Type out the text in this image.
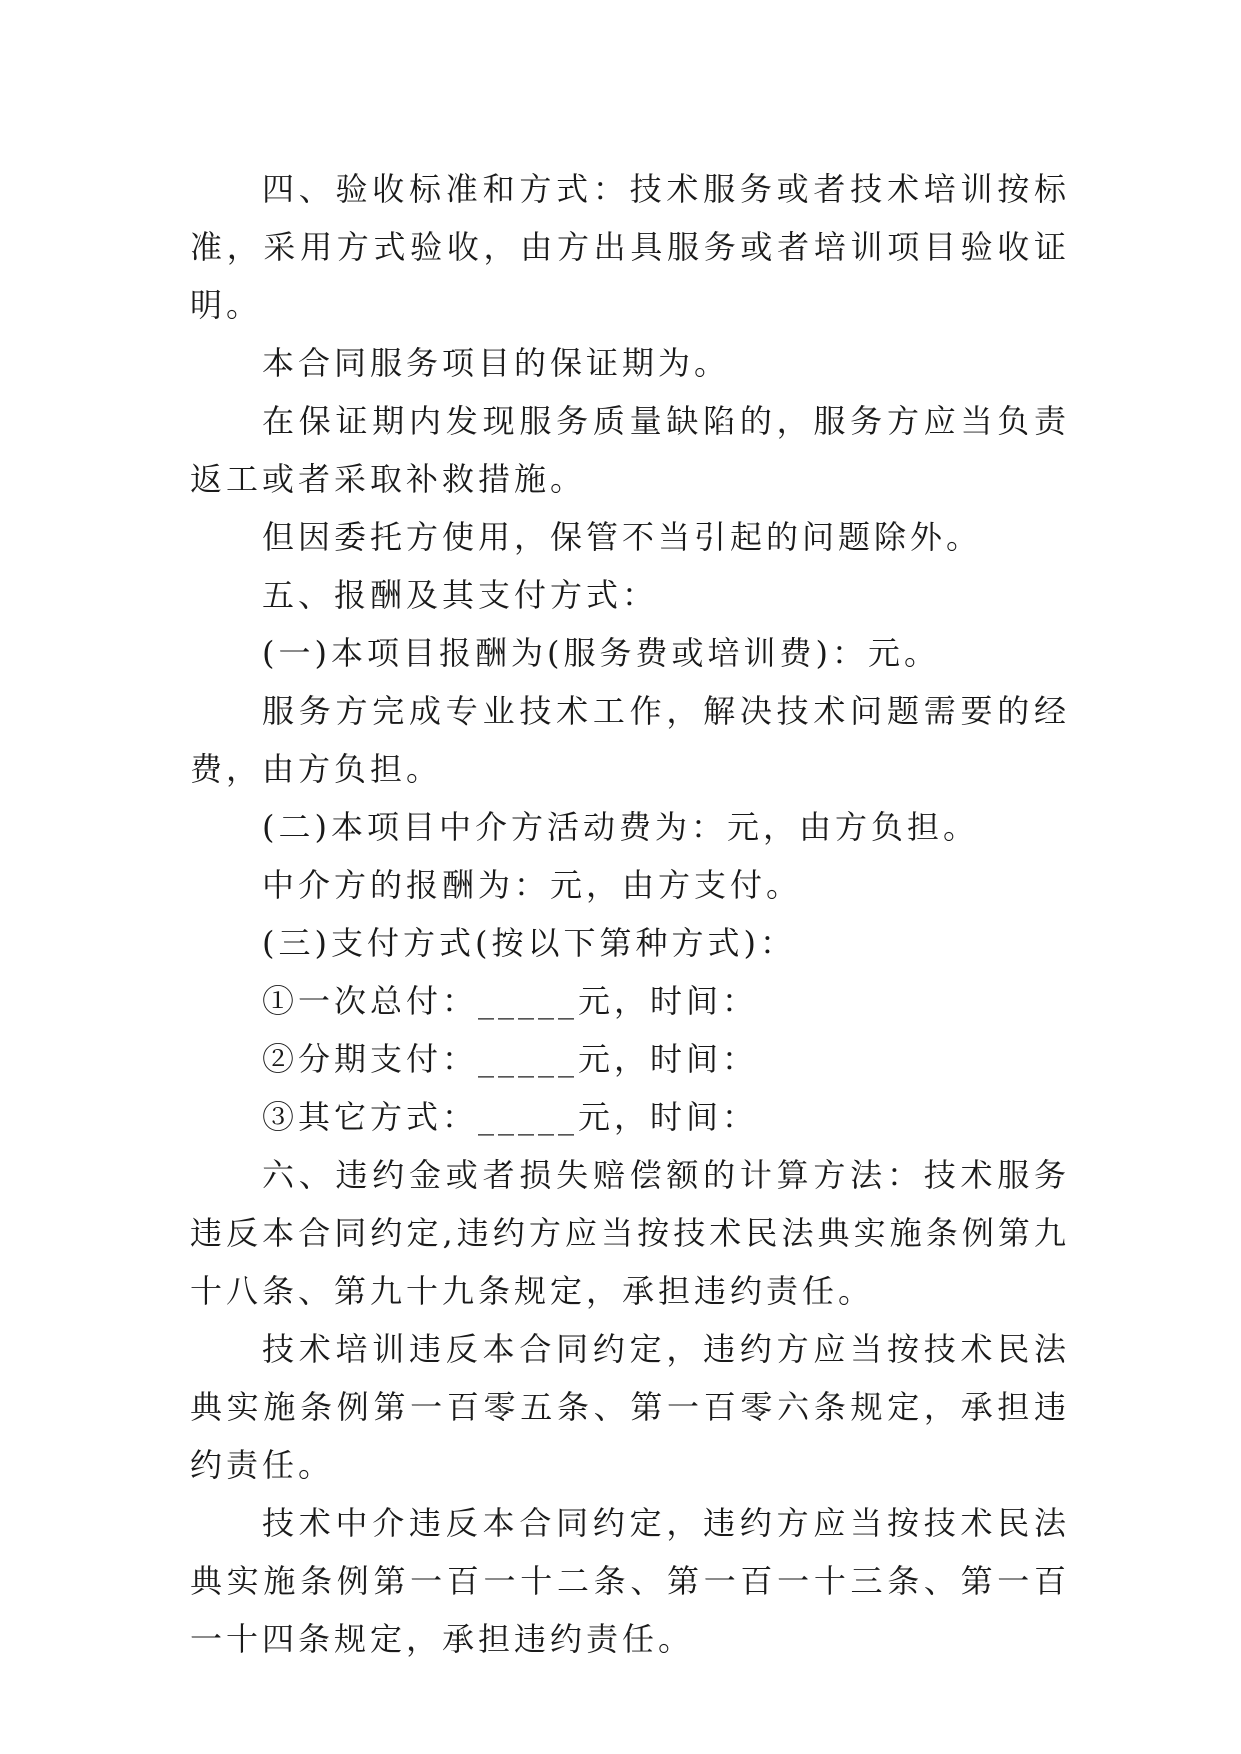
四、验收标准和方式：技术服务或者技术培训按标准，采用方式验收，由方出具服务或者培训项目验收证明。

本合同服务项目的保证期为。

在保证期内发现服务质量缺陷的，服务方应当负责返工或者采取补救措施。

但因委托方使用，保管不当引起的问题除外。

五、报酬及其支付方式：

(一)本项目报酬为(服务费或培训费)：元。

服务方完成专业技术工作，解决技术问题需要的经费，由方负担。

(二)本项目中介方活动费为：元，由方负担。

中介方的报酬为：元，由方支付。

(三)支付方式(按以下第种方式)：

①一次总付：_____元，时间：

②分期支付：_____元，时间：

③其它方式：_____元，时间：

六、违约金或者损失赔偿额的计算方法：技术服务违反本合同约定,违约方应当按技术民法典实施条例第九十八条、第九十九条规定，承担违约责任。

技术培训违反本合同约定，违约方应当按技术民法典实施条例第一百零五条、第一百零六条规定，承担违约责任。

技术中介违反本合同约定，违约方应当按技术民法典实施条例第一百一十二条、第一百一十三条、第一百一十四条规定，承担违约责任。
